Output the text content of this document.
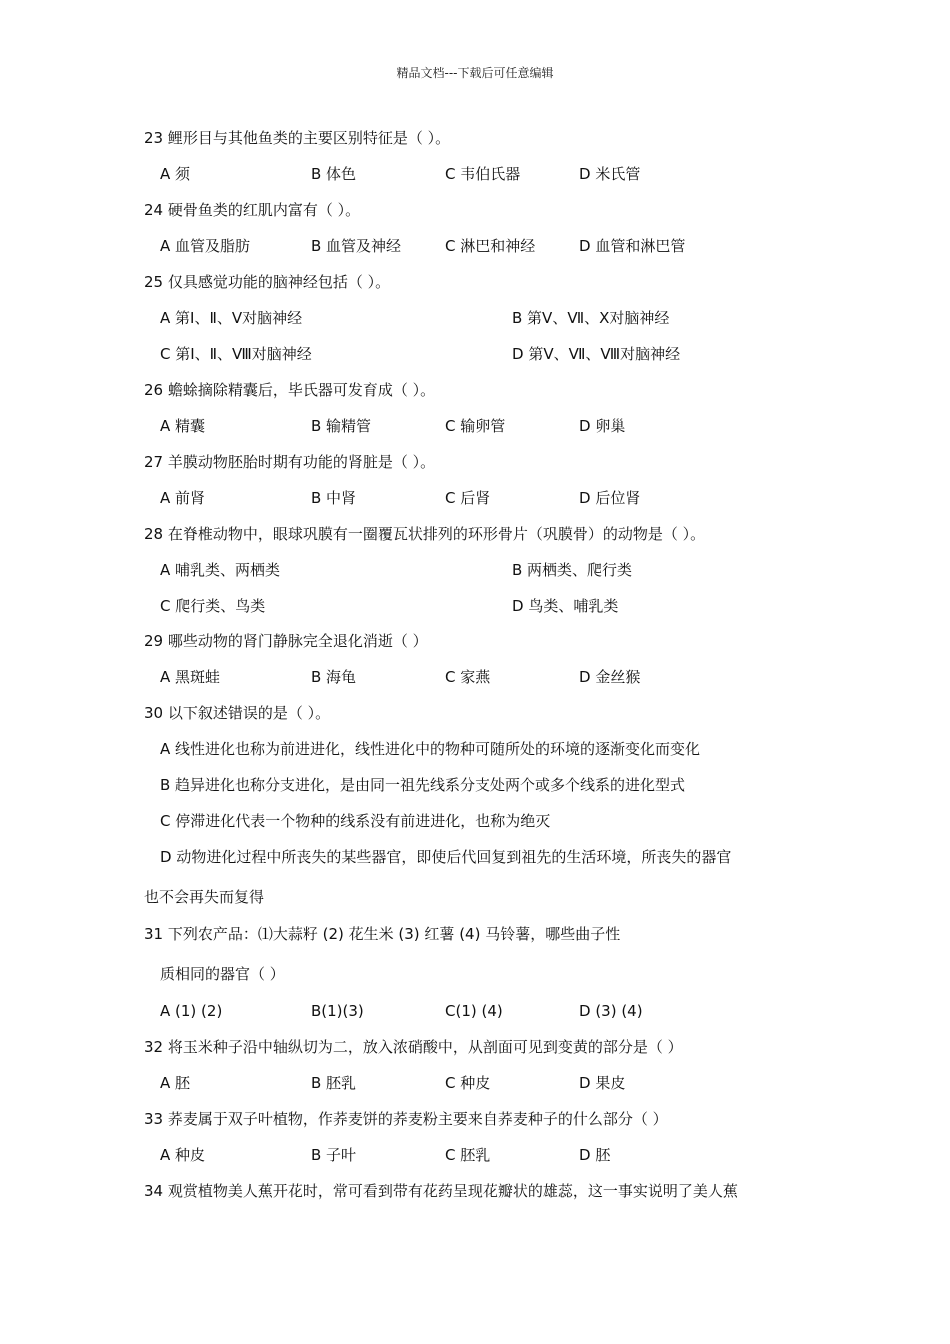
精品文档---下载后可任意编辑
23 鲤形目与其他鱼类的主要区别特征是（ ）。
A 须	B 体色	C 韦伯氏器	D 米氏管
24 硬骨鱼类的红肌内富有（ ）。
A 血管及脂肪	B 血管及神经	C 淋巴和神经	D 血管和淋巴管
25 仅具感觉功能的脑神经包括（ ）。
A 第Ⅰ、Ⅱ、Ⅴ对脑神经	B 第Ⅴ、Ⅶ、Ⅹ对脑神经
C 第Ⅰ、Ⅱ、Ⅷ对脑神经	D 第Ⅴ、Ⅶ、Ⅷ对脑神经
26 蟾蜍摘除精囊后，毕氏器可发育成（ ）。
A 精囊	B 输精管	C 输卵管	D 卵巢
27 羊膜动物胚胎时期有功能的肾脏是（ ）。
A 前肾	B 中肾	C 后肾	D 后位肾
28 在脊椎动物中，眼球巩膜有一圈覆瓦状排列的环形骨片（巩膜骨）的动物是（ ）。
A 哺乳类、两栖类	B 两栖类、爬行类
C 爬行类、鸟类	D 鸟类、哺乳类
29 哪些动物的肾门静脉完全退化消逝（ ）
A 黑斑蛙	B 海龟	C 家燕	D 金丝猴
30 以下叙述错误的是（ ）。
A 线性进化也称为前进进化，线性进化中的物种可随所处的环境的逐渐变化而变化
B 趋异进化也称分支进化，是由同一祖先线系分支处两个或多个线系的进化型式
C 停滞进化代表一个物种的线系没有前进进化，也称为绝灭
D 动物进化过程中所丧失的某些器官，即使后代回复到祖先的生活环境，所丧失的器官
也不会再失而复得
31 下列农产品：⑴大蒜籽 (2) 花生米 (3) 红薯 (4) 马铃薯，哪些曲子性
质相同的器官（ ）
A (1) (2)	B(1)(3)	C(1) (4)	D (3) (4)
32 将玉米种子沿中轴纵切为二，放入浓硝酸中，从剖面可见到变黄的部分是（ ）
A 胚	B 胚乳	C 种皮	D 果皮
33 荞麦属于双子叶植物，作荞麦饼的荞麦粉主要来自荞麦种子的什么部分（ ）
A 种皮	B 子叶	C 胚乳	D 胚
34 观赏植物美人蕉开花时，常可看到带有花药呈现花瓣状的雄蕊，这一事实说明了美人蕉
